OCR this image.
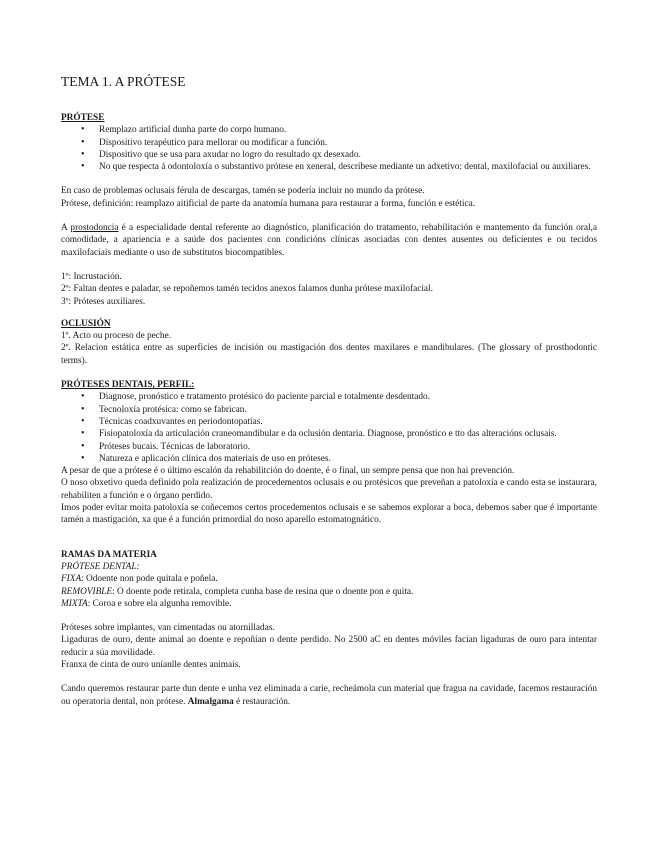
TEMA 1. A PRÓTESE

PRÓTESE

• Remplazo artificial dunha parte do corpo humano.
• Dispositivo terapéutico para mellorar ou modificar a función.
• Dispositivo que se usa para axudar no logro do resultado qx desexado.
• No que respecta á odontoloxía o substantivo prótese en xeneral, descríbese mediante un adxetivo: dental, maxilofacial ou auxiliares.

En caso de problemas oclusais férula de descargas, tamén se podería incluir no mundo da prótese.

Prótese, definición: reamplazo aitificial de parte da anatomía humana para restaurar a forma, función e estética.

A prostodoncia é a especialidade dental referente ao diagnóstico, planificación do tratamento, rehabilitación e mantemento da función oral,a comodidade, a apariencia e a saúde dos pacientes con condicións clínicas asociadas con dentes ausentes ou deficientes e ou tecidos maxilofaciais mediante o uso de substitutos biocompatibles.

1º: Incrustación.

2º: Faltan dentes e paladar, se repoñemos tamén tecidos anexos falamos dunha prótese maxilofacial.

3º: Próteses auxiliares.

OCLUSIÓN

1º. Acto ou proceso de peche.

2º. Relacion estática entre as superficies de incisión ou mastigación dos dentes maxilares e mandibulares. (The glossary of prosthodontic terms).

PRÓTESES DENTAIS, PERFIL:

• Diagnose, pronóstico e tratamento protésico do paciente parcial e totalmente desdentado.
• Tecnoloxía protésica: como se fabrican.
• Técnicas coadxuvantes en periodontopatías.
• Fisiopatoloxía da articulación craneomandibular e da oclusión dentaria. Diagnose, pronóstico e tto das alteracións oclusais.
• Próteses bucais. Técnicas de laboratorio.
• Natureza e aplicación clínica dos materiais de uso en próteses.

A pesar de que a prótese é o último escalón da rehabilitción do doente, é o final, un sempre pensa que non hai prevención.

O noso obxetivo queda definido pola realización de procedementos oclusais e ou protésicos que preveñan a patoloxía e cando esta se instaurara, rehabiliten a función e o órgano perdido.

Imos poder evitar moita patoloxía se coñecemos certos procedementos oclusais e se sabemos explorar a boca, debemos saber que é importante tamén a mastigación, xa que é a función primordial do noso aparello estomatognático.

RAMAS DA MATERIA

PRÓTESE DENTAL:

FIXA: Odoente non pode quitala e poñela.

REMOVIBLE: O doente pode retirala, completa cunha base de resina que o doente pon e quita.

MIXTA: Coroa e sobre ela algunha removible.

Próteses sobre implantes, van cimentadas ou atornilladas.

Ligaduras de ouro, dente animal ao doente e repoñían o dente perdido. No 2500 aC en dentes móviles facían ligaduras de ouro para intentar reducir a súa movilidade.

Franxa de cinta de ouro uníanlle dentes animais.

Cando queremos restaurar parte dun dente e unha vez eliminada a carie, recheámola cun material que fragua na cavidade, facemos restauración ou operatoria dental, non prótese. Almalgama é restauración.
